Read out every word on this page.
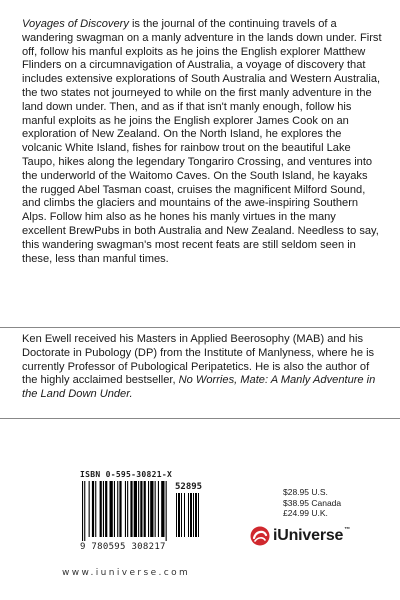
Voyages of Discovery is the journal of the continuing travels of a wandering swagman on a manly adventure in the lands down under. First off, follow his manful exploits as he joins the English explorer Matthew Flinders on a circumnavigation of Australia, a voyage of discovery that includes extensive explorations of South Australia and Western Australia, the two states not journeyed to while on the first manly adventure in the land down under. Then, and as if that isn't manly enough, follow his manful exploits as he joins the English explorer James Cook on an exploration of New Zealand. On the North Island, he explores the volcanic White Island, fishes for rainbow trout on the beautiful Lake Taupo, hikes along the legendary Tongariro Crossing, and ventures into the underworld of the Waitomo Caves. On the South Island, he kayaks the rugged Abel Tasman coast, cruises the magnificent Milford Sound, and climbs the glaciers and mountains of the awe-inspiring Southern Alps. Follow him also as he hones his manly virtues in the many excellent BrewPubs in both Australia and New Zealand. Needless to say, this wandering swagman's most recent feats are still seldom seen in these, less than manful times.
Ken Ewell received his Masters in Applied Beerosophy (MAB) and his Doctorate in Pubology (DP) from the Institute of Manlyness, where he is currently Professor of Pubological Peripatetics. He is also the author of the highly acclaimed bestseller, No Worries, Mate: A Manly Adventure in the Land Down Under.
ISBN 0-595-30821-X
52895
9 780595 308217
$28.95 U.S.
$38.95 Canada
£24.99 U.K.
iUniverse™
www.iuniverse.com
